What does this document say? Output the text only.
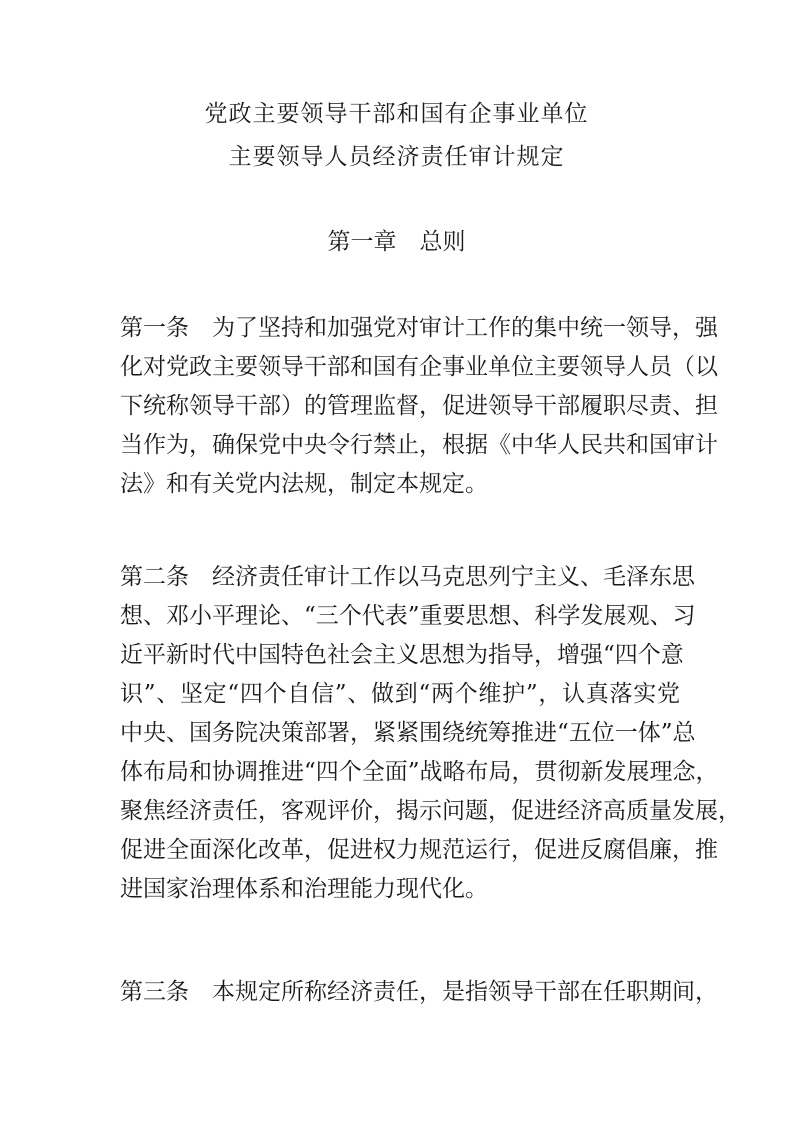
党政主要领导干部和国有企事业单位
主要领导人员经济责任审计规定
第一章　总则
第一条　为了坚持和加强党对审计工作的集中统一领导，强
化对党政主要领导干部和国有企事业单位主要领导人员（以
下统称领导干部）的管理监督，促进领导干部履职尽责、担
当作为，确保党中央令行禁止，根据《中华人民共和国审计
法》和有关党内法规，制定本规定。
第二条　经济责任审计工作以马克思列宁主义、毛泽东思
想、邓小平理论、“三个代表”重要思想、科学发展观、习
近平新时代中国特色社会主义思想为指导，增强“四个意
识”、坚定“四个自信”、做到“两个维护”，认真落实党
中央、国务院决策部署，紧紧围绕统筹推进“五位一体”总
体布局和协调推进“四个全面”战略布局，贯彻新发展理念，
聚焦经济责任，客观评价，揭示问题，促进经济高质量发展，
促进全面深化改革，促进权力规范运行，促进反腐倡廉，推
进国家治理体系和治理能力现代化。
第三条　本规定所称经济责任，是指领导干部在任职期间，
